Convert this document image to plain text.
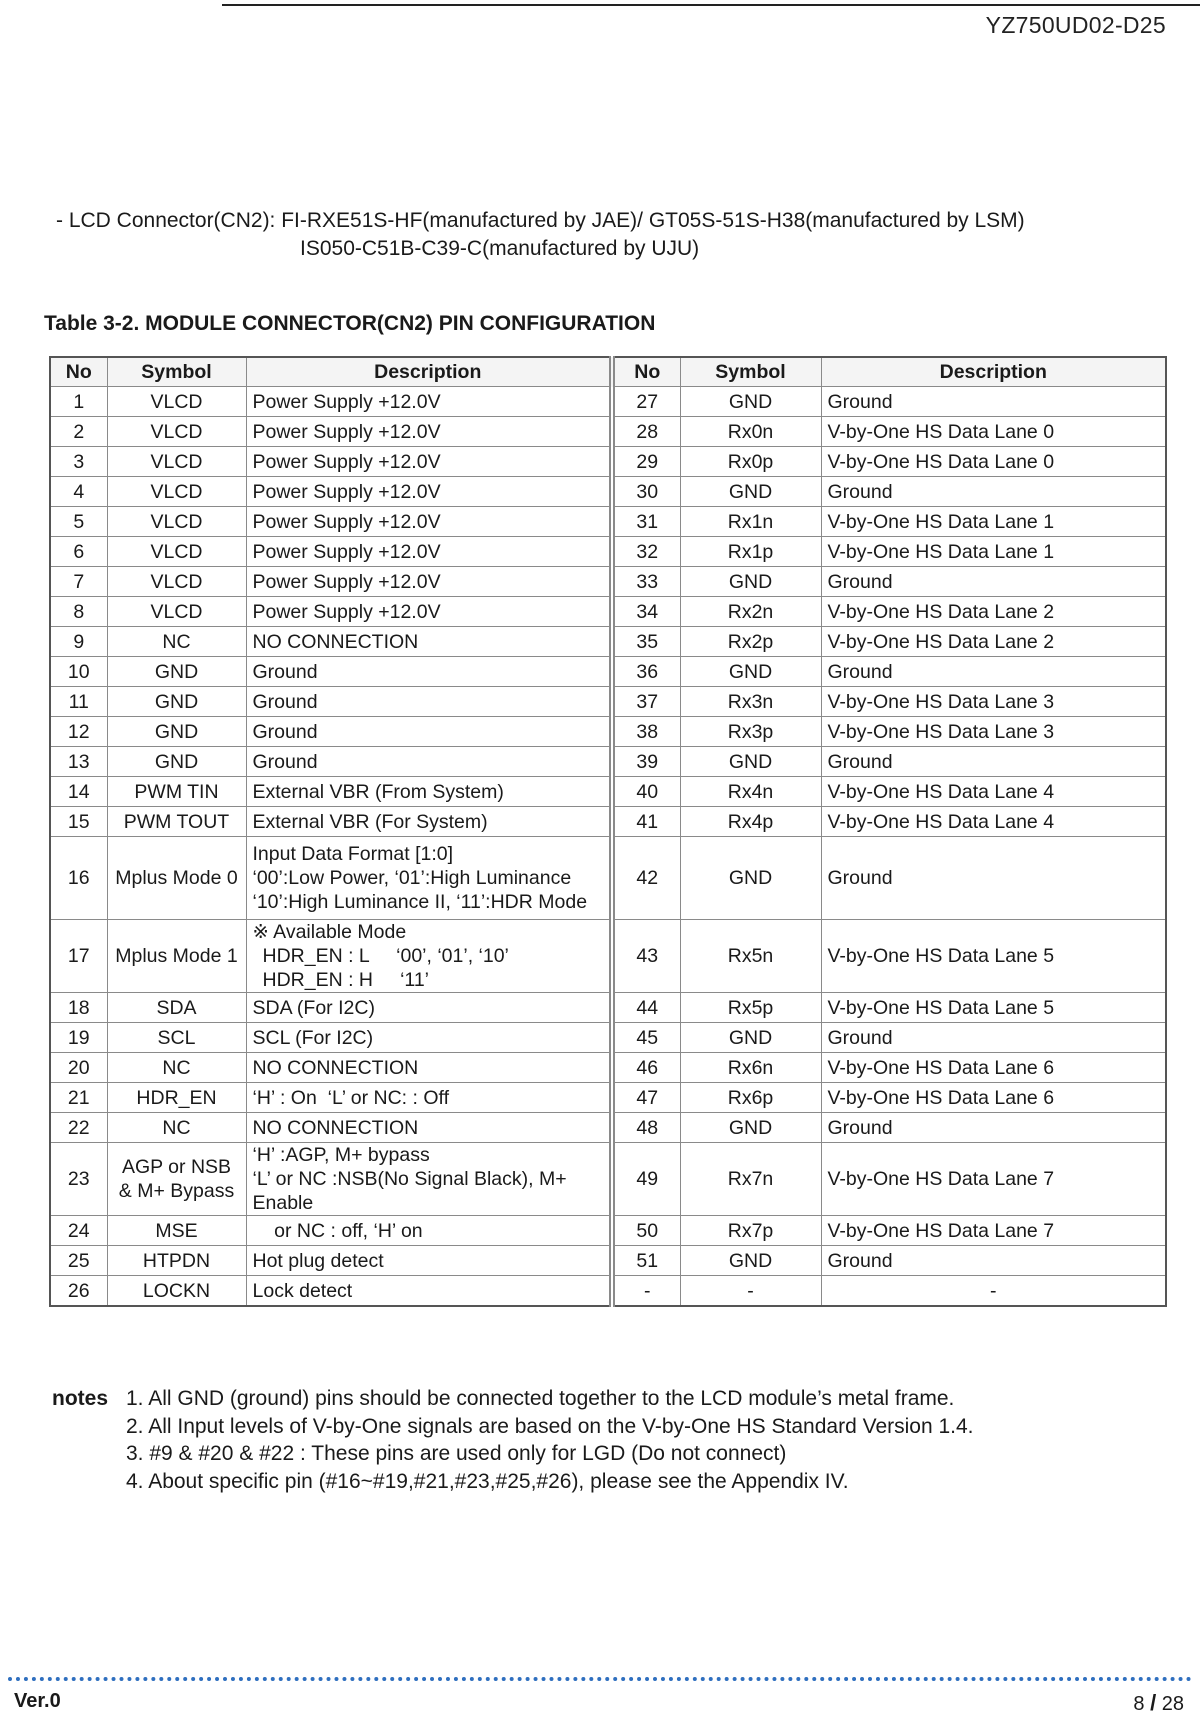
YZ750UD02-D25
- LCD Connector(CN2): FI-RXE51S-HF(manufactured by JAE)/ GT05S-51S-H38(manufactured by LSM)
IS050-C51B-C39-C(manufactured by UJU)
Table 3-2. MODULE CONNECTOR(CN2) PIN CONFIGURATION
No	Symbol	Description	No	Symbol	Description
1	VLCD	Power Supply +12.0V	27	GND	Ground
2	VLCD	Power Supply +12.0V	28	Rx0n	V-by-One HS Data Lane 0
3	VLCD	Power Supply +12.0V	29	Rx0p	V-by-One HS Data Lane 0
4	VLCD	Power Supply +12.0V	30	GND	Ground
5	VLCD	Power Supply +12.0V	31	Rx1n	V-by-One HS Data Lane 1
6	VLCD	Power Supply +12.0V	32	Rx1p	V-by-One HS Data Lane 1
7	VLCD	Power Supply +12.0V	33	GND	Ground
8	VLCD	Power Supply +12.0V	34	Rx2n	V-by-One HS Data Lane 2
9	NC	NO CONNECTION	35	Rx2p	V-by-One HS Data Lane 2
10	GND	Ground	36	GND	Ground
11	GND	Ground	37	Rx3n	V-by-One HS Data Lane 3
12	GND	Ground	38	Rx3p	V-by-One HS Data Lane 3
13	GND	Ground	39	GND	Ground
14	PWM TIN	External VBR (From System)	40	Rx4n	V-by-One HS Data Lane 4
15	PWM TOUT	External VBR (For System)	41	Rx4p	V-by-One HS Data Lane 4
16	Mplus Mode 0	Input Data Format [1:0]
‘00’:Low Power, ‘01’:High Luminance
‘10’:High Luminance II, ‘11’:HDR Mode	42	GND	Ground
17	Mplus Mode 1	※ Available Mode
HDR_EN : L     ‘00’, ‘01’, ‘10’
HDR_EN : H     ‘11’	43	Rx5n	V-by-One HS Data Lane 5
18	SDA	SDA (For I2C)	44	Rx5p	V-by-One HS Data Lane 5
19	SCL	SCL (For I2C)	45	GND	Ground
20	NC	NO CONNECTION	46	Rx6n	V-by-One HS Data Lane 6
21	HDR_EN	‘H’ : On  ‘L’ or NC: : Off	47	Rx6p	V-by-One HS Data Lane 6
22	NC	NO CONNECTION	48	GND	Ground
23	AGP or NSB
& M+ Bypass	‘H’ :AGP, M+ bypass
‘L’ or NC :NSB(No Signal Black), M+
Enable	49	Rx7n	V-by-One HS Data Lane 7
24	MSE	or NC : off, ‘H’ on	50	Rx7p	V-by-One HS Data Lane 7
25	HTPDN	Hot plug detect	51	GND	Ground
26	LOCKN	Lock detect	-	-	-
notes 1. All GND (ground) pins should be connected together to the LCD module’s metal frame.
2. All Input levels of V-by-One signals are based on the V-by-One HS Standard Version 1.4.
3. #9 & #20 & #22 : These pins are used only for LGD (Do not connect)
4. About specific pin (#16~#19,#21,#23,#25,#26), please see the Appendix IV.
Ver.0	8 / 28
